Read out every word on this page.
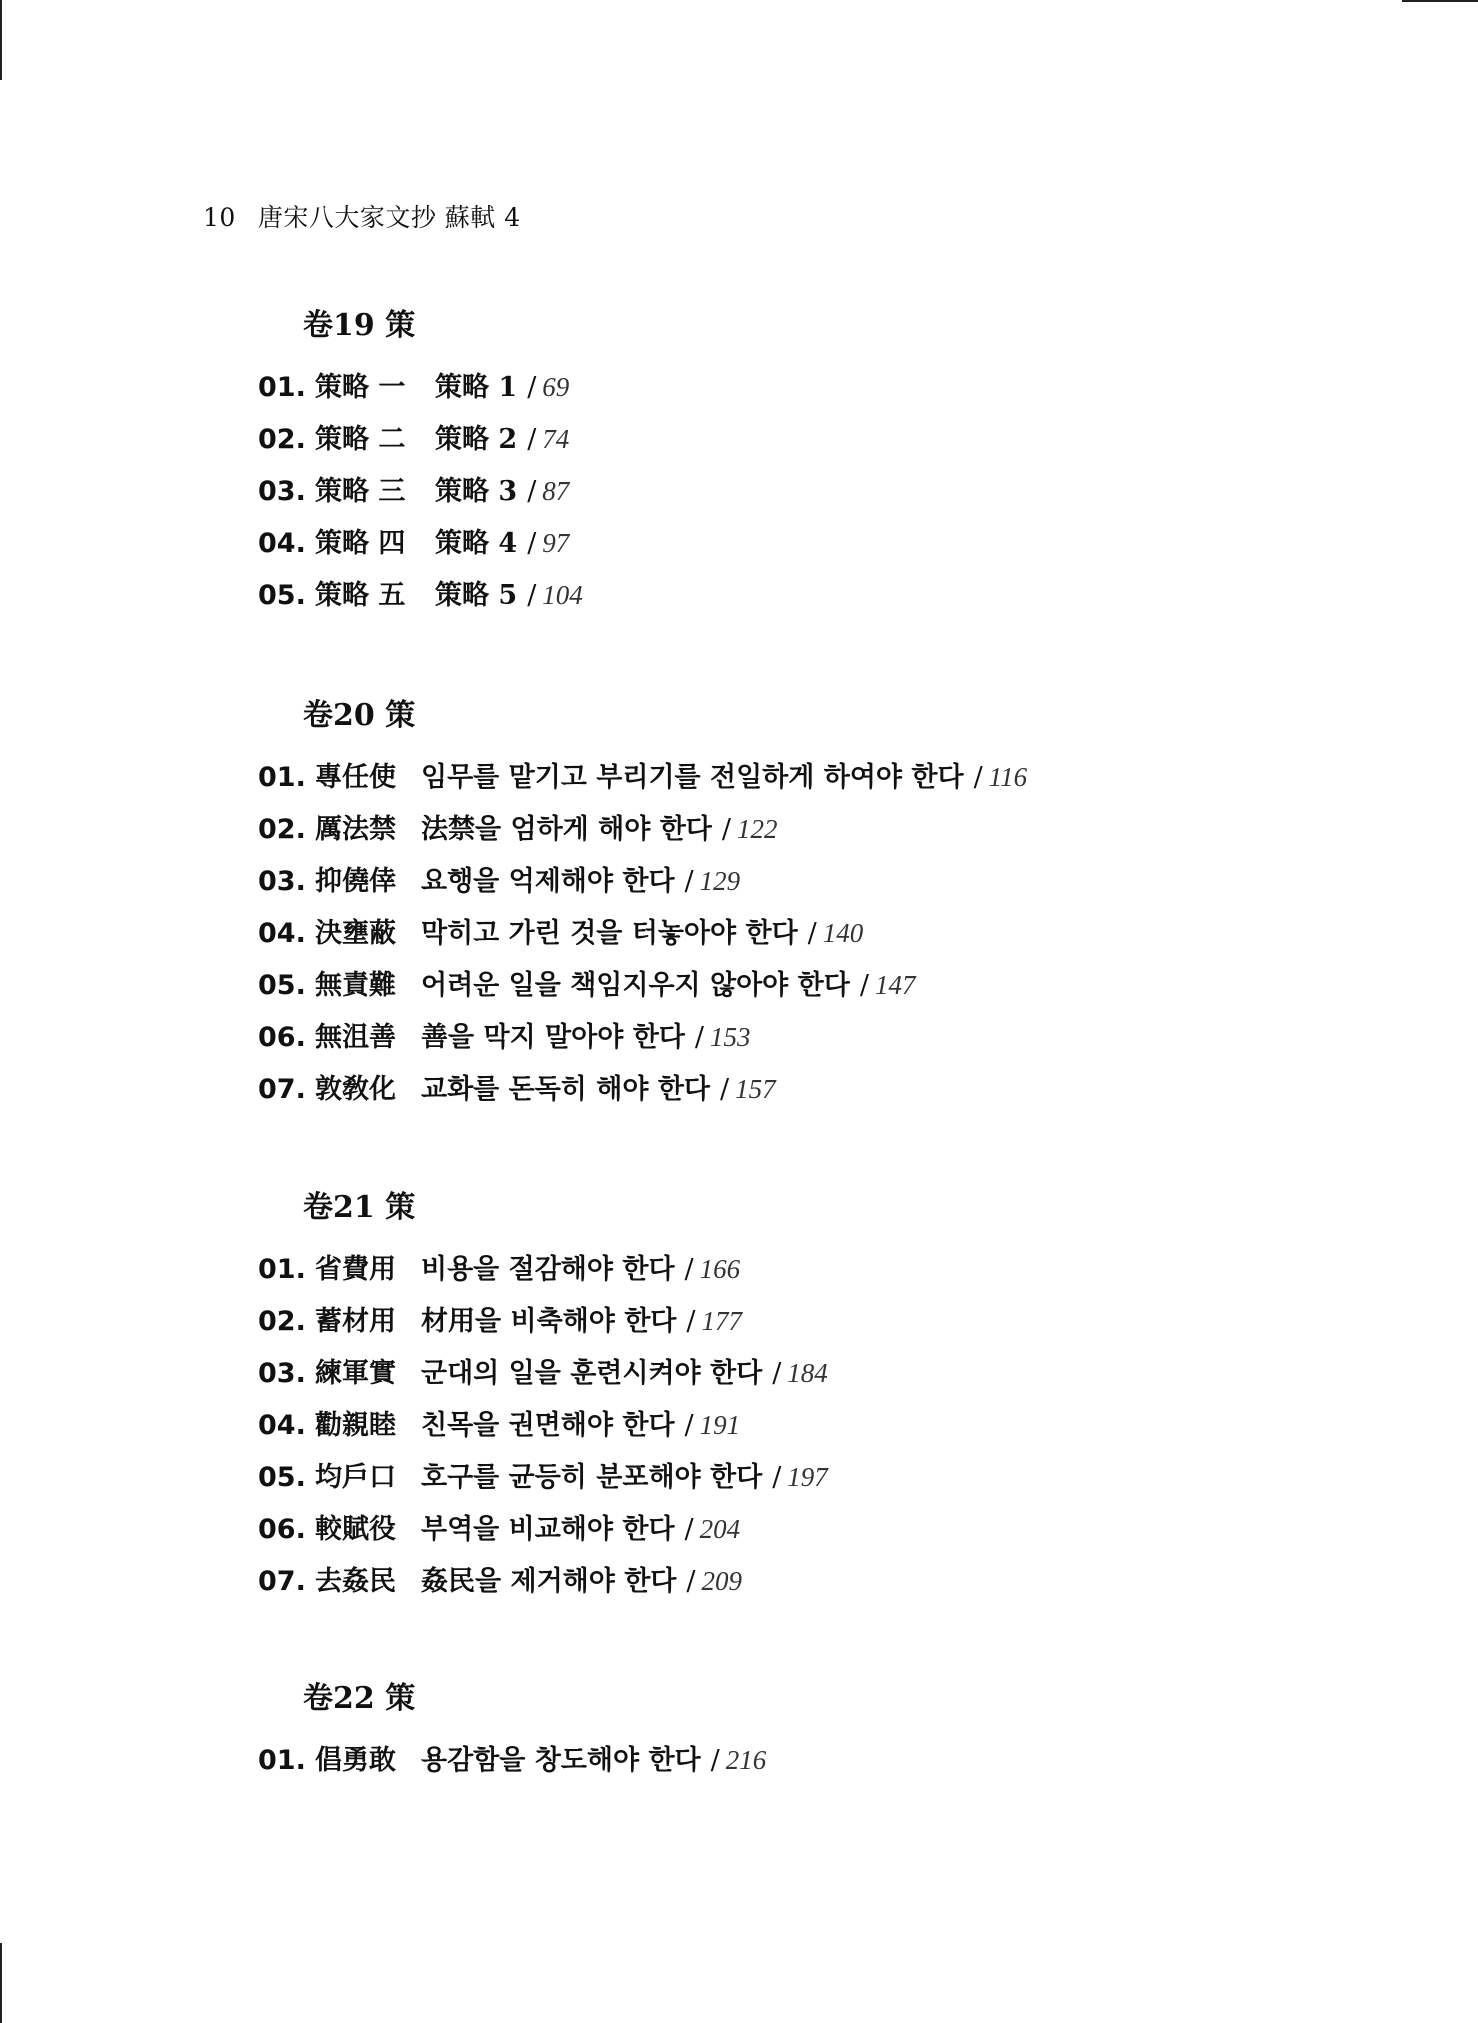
10 唐宋八大家文抄 蘇軾 4
卷19 策
01. 策略 一 策略 1 / 69
02. 策略 二 策略 2 / 74
03. 策略 三 策略 3 / 87
04. 策略 四 策略 4 / 97
05. 策略 五 策略 5 / 104
卷20 策
01. 專任使 임무를 맡기고 부리기를 전일하게 하여야 한다 / 116
02. 厲法禁 法禁을 엄하게 해야 한다 / 122
03. 抑僥倖 요행을 억제해야 한다 / 129
04. 決壅蔽 막히고 가린 것을 터놓아야 한다 / 140
05. 無責難 어려운 일을 책임지우지 않아야 한다 / 147
06. 無沮善 善을 막지 말아야 한다 / 153
07. 敦敎化 교화를 돈독히 해야 한다 / 157
卷21 策
01. 省費用 비용을 절감해야 한다 / 166
02. 蓄材用 材用을 비축해야 한다 / 177
03. 練軍實 군대의 일을 훈련시켜야 한다 / 184
04. 勸親睦 친목을 권면해야 한다 / 191
05. 均戶口 호구를 균등히 분포해야 한다 / 197
06. 較賦役 부역을 비교해야 한다 / 204
07. 去姦民 姦民을 제거해야 한다 / 209
卷22 策
01. 倡勇敢 용감함을 창도해야 한다 / 216
